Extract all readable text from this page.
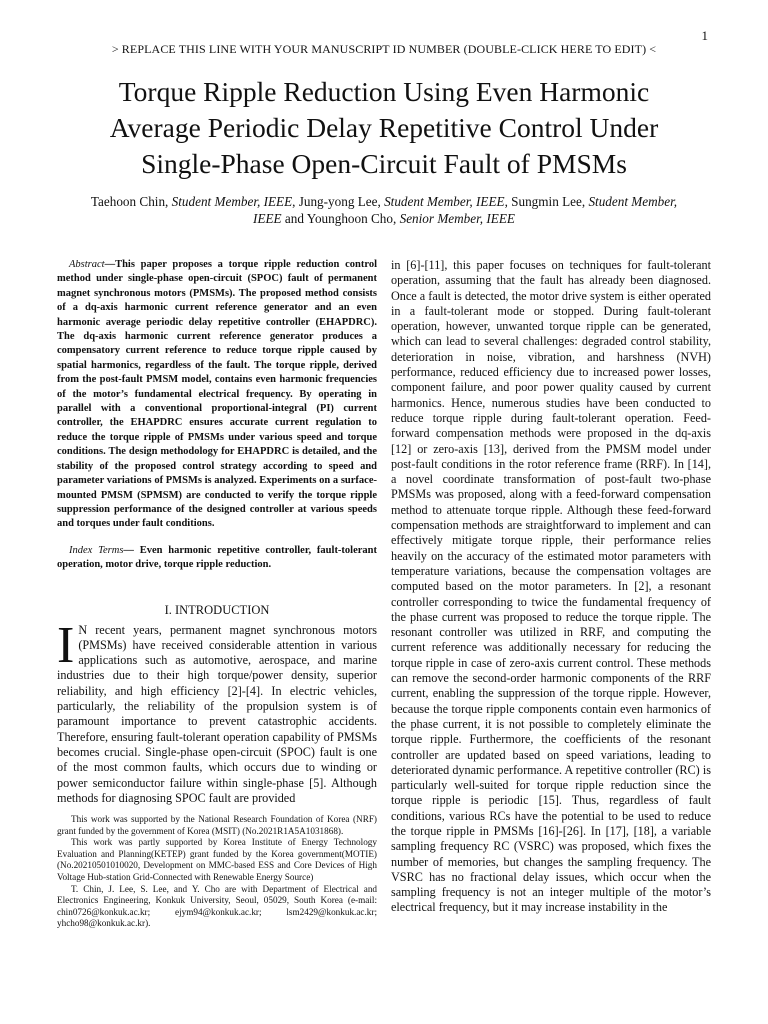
1
> REPLACE THIS LINE WITH YOUR MANUSCRIPT ID NUMBER (DOUBLE-CLICK HERE TO EDIT) <
Torque Ripple Reduction Using Even Harmonic
Average Periodic Delay Repetitive Control Under
Single-Phase Open-Circuit Fault of PMSMs
Taehoon Chin, Student Member, IEEE, Jung-yong Lee, Student Member, IEEE, Sungmin Lee, Student Member,
IEEE and Younghoon Cho, Senior Member, IEEE

Abstract—This paper proposes a torque ripple reduction control method under single-phase open-circuit (SPOC) fault of permanent magnet synchronous motors (PMSMs). The proposed method consists of a dq-axis harmonic current reference generator and an even harmonic average periodic delay repetitive controller (EHAPDRC). The dq-axis harmonic current reference generator produces a compensatory current reference to reduce torque ripple caused by spatial harmonics, regardless of the fault. The torque ripple, derived from the post-fault PMSM model, contains even harmonic frequencies of the motor’s fundamental electrical frequency. By operating in parallel with a conventional proportional-integral (PI) current controller, the EHAPDRC ensures accurate current regulation to reduce the torque ripple of PMSMs under various speed and torque conditions. The design methodology for EHAPDRC is detailed, and the stability of the proposed control strategy according to speed and parameter variations of PMSMs is analyzed. Experiments on a surface-mounted PMSM (SPMSM) are conducted to verify the torque ripple suppression performance of the designed controller at various speeds and torques under fault conditions.

Index Terms— Even harmonic repetitive controller, fault-tolerant operation, motor drive, torque ripple reduction.

I. INTRODUCTION

I N recent years, permanent magnet synchronous motors (PMSMs) have received considerable attention in various applications such as automotive, aerospace, and marine industries due to their high torque/power density, superior reliability, and high efficiency [2]-[4]. In electric vehicles, particularly, the reliability of the propulsion system is of paramount importance to prevent catastrophic accidents. Therefore, ensuring fault-tolerant operation capability of PMSMs becomes crucial. Single-phase open-circuit (SPOC) fault is one of the most common faults, which occurs due to winding or power semiconductor failure within single-phase [5]. Although methods for diagnosing SPOC fault are provided

This work was supported by the National Research Foundation of Korea (NRF) grant funded by the government of Korea (MSIT) (No.2021R1A5A1031868).

This work was partly supported by Korea Institute of Energy Technology Evaluation and Planning(KETEP) grant funded by the Korea government(MOTIE) (No.20210501010020, Development on MMC-based ESS and Core Devices of High Voltage Hub-station Grid-Connected with Renewable Energy Source)

T. Chin, J. Lee, S. Lee, and Y. Cho are with Department of Electrical and Electronics Engineering, Konkuk University, Seoul, 05029, South Korea (e-mail: chin0726@konkuk.ac.kr; ejym94@konkuk.ac.kr; lsm2429@konkuk.ac.kr; yhcho98@konkuk.ac.kr).

in [6]-[11], this paper focuses on techniques for fault-tolerant operation, assuming that the fault has already been diagnosed. Once a fault is detected, the motor drive system is either operated in a fault-tolerant mode or stopped. During fault-tolerant operation, however, unwanted torque ripple can be generated, which can lead to several challenges: degraded control stability, deterioration in noise, vibration, and harshness (NVH) performance, reduced efficiency due to increased power losses, component failure, and poor power quality caused by current harmonics. Hence, numerous studies have been conducted to reduce torque ripple during fault-tolerant operation. Feed-forward compensation methods were proposed in the dq-axis [12] or zero-axis [13], derived from the PMSM model under post-fault conditions in the rotor reference frame (RRF). In [14], a novel coordinate transformation of post-fault two-phase PMSMs was proposed, along with a feed-forward compensation method to attenuate torque ripple. Although these feed-forward compensation methods are straightforward to implement and can effectively mitigate torque ripple, their performance relies heavily on the accuracy of the estimated motor parameters with temperature variations, because the compensation voltages are computed based on the motor parameters. In [2], a resonant controller corresponding to twice the fundamental frequency of the phase current was proposed to reduce the torque ripple. The resonant controller was utilized in RRF, and computing the current reference was additionally necessary for reducing the torque ripple in case of zero-axis current control. These methods can remove the second-order harmonic components of the RRF current, enabling the suppression of the torque ripple. However, because the torque ripple components contain even harmonics of the phase current, it is not possible to completely eliminate the torque ripple. Furthermore, the coefficients of the resonant controller are updated based on speed variations, leading to deteriorated dynamic performance. A repetitive controller (RC) is particularly well-suited for torque ripple reduction since the torque ripple is periodic [15]. Thus, regardless of fault conditions, various RCs have the potential to be used to reduce the torque ripple in PMSMs [16]-[26]. In [17], [18], a variable sampling frequency RC (VSRC) was proposed, which fixes the number of memories, but changes the sampling frequency. The VSRC has no fractional delay issues, which occur when the sampling frequency is not an integer multiple of the motor’s electrical frequency, but it may increase instability in the
